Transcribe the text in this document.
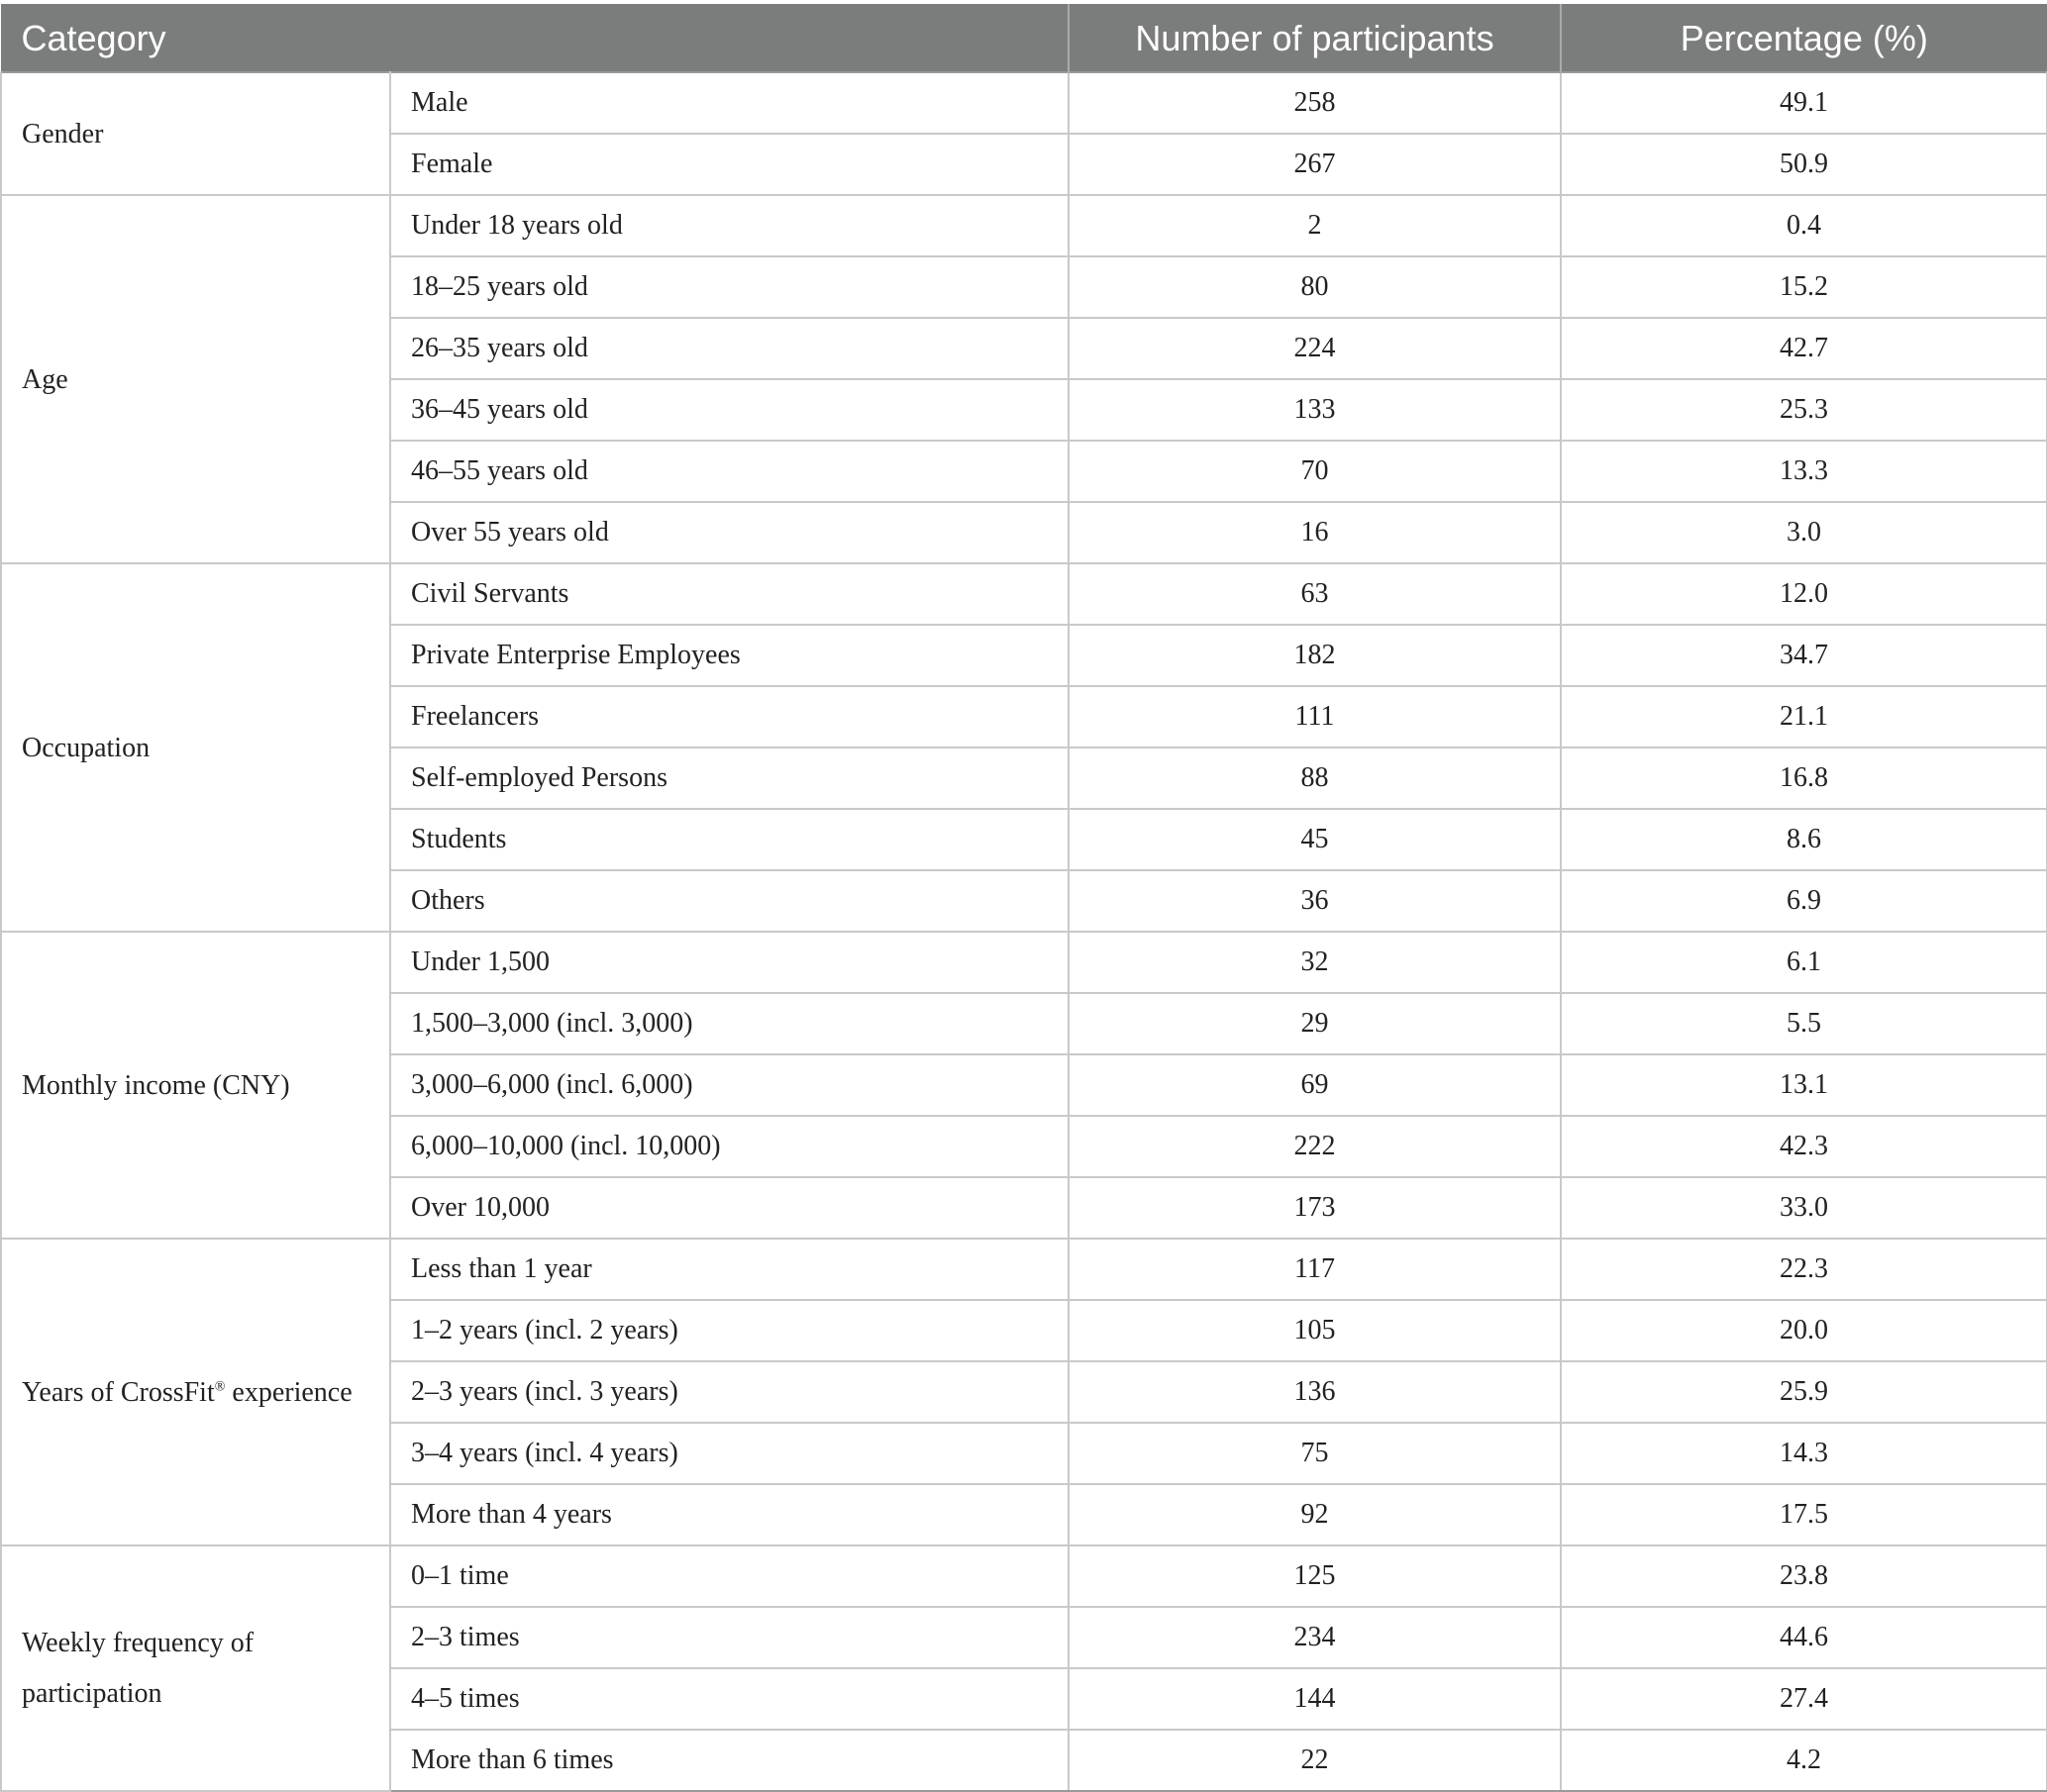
Category		Number of participants	Percentage (%)
Gender	Male	258	49.1
	Female	267	50.9
Age	Under 18 years old	2	0.4
	18–25 years old	80	15.2
	26–35 years old	224	42.7
	36–45 years old	133	25.3
	46–55 years old	70	13.3
	Over 55 years old	16	3.0
Occupation	Civil Servants	63	12.0
	Private Enterprise Employees	182	34.7
	Freelancers	111	21.1
	Self-employed Persons	88	16.8
	Students	45	8.6
	Others	36	6.9
Monthly income (CNY)	Under 1,500	32	6.1
	1,500–3,000 (incl. 3,000)	29	5.5
	3,000–6,000 (incl. 6,000)	69	13.1
	6,000–10,000 (incl. 10,000)	222	42.3
	Over 10,000	173	33.0
Years of CrossFit® experience	Less than 1 year	117	22.3
	1–2 years (incl. 2 years)	105	20.0
	2–3 years (incl. 3 years)	136	25.9
	3–4 years (incl. 4 years)	75	14.3
	More than 4 years	92	17.5
Weekly frequency of participation	0–1 time	125	23.8
	2–3 times	234	44.6
	4–5 times	144	27.4
	More than 6 times	22	4.2
